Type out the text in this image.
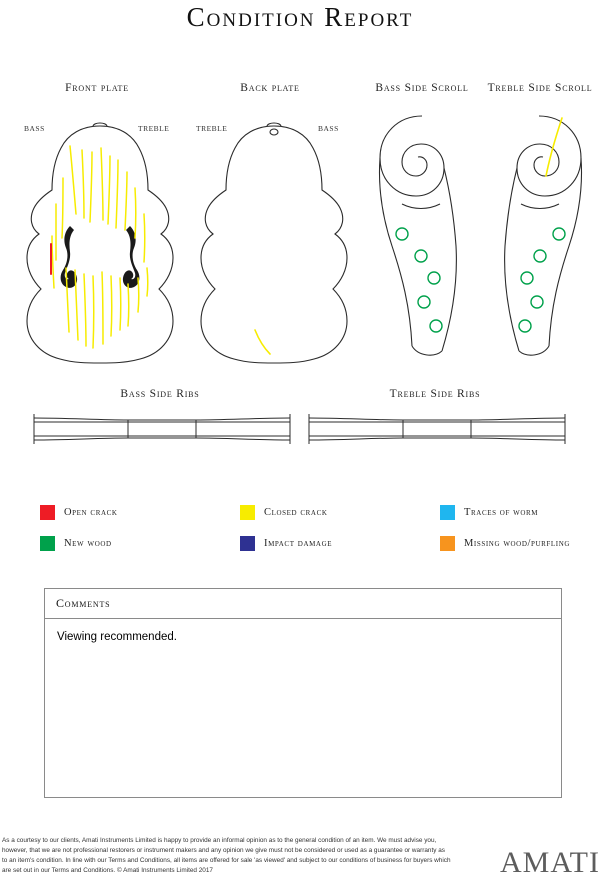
Condition Report
Front plate
BASS	TREBLE
Back plate
TREBLE	BASS
Bass Side Scroll	Treble Side Scroll
Bass Side Ribs	Treble Side Ribs
Open crack	Closed crack	Traces of worm
New wood	Impact damage	Missing wood/purfling
Comments
Viewing recommended.
As a courtesy to our clients, Amati Instruments Limited is happy to provide an informal opinion as to the general condition of an item. We must advise you, however, that we are not professional restorers or instrument makers and any opinion we give must not be considered or used as a guarantee or warranty as to an item's condition. In line with our Terms and Conditions, all items are offered for sale 'as viewed' and subject to our conditions of business for buyers which are set out in our Terms and Conditions. © Amati Instruments Limited 2017	AMATI
